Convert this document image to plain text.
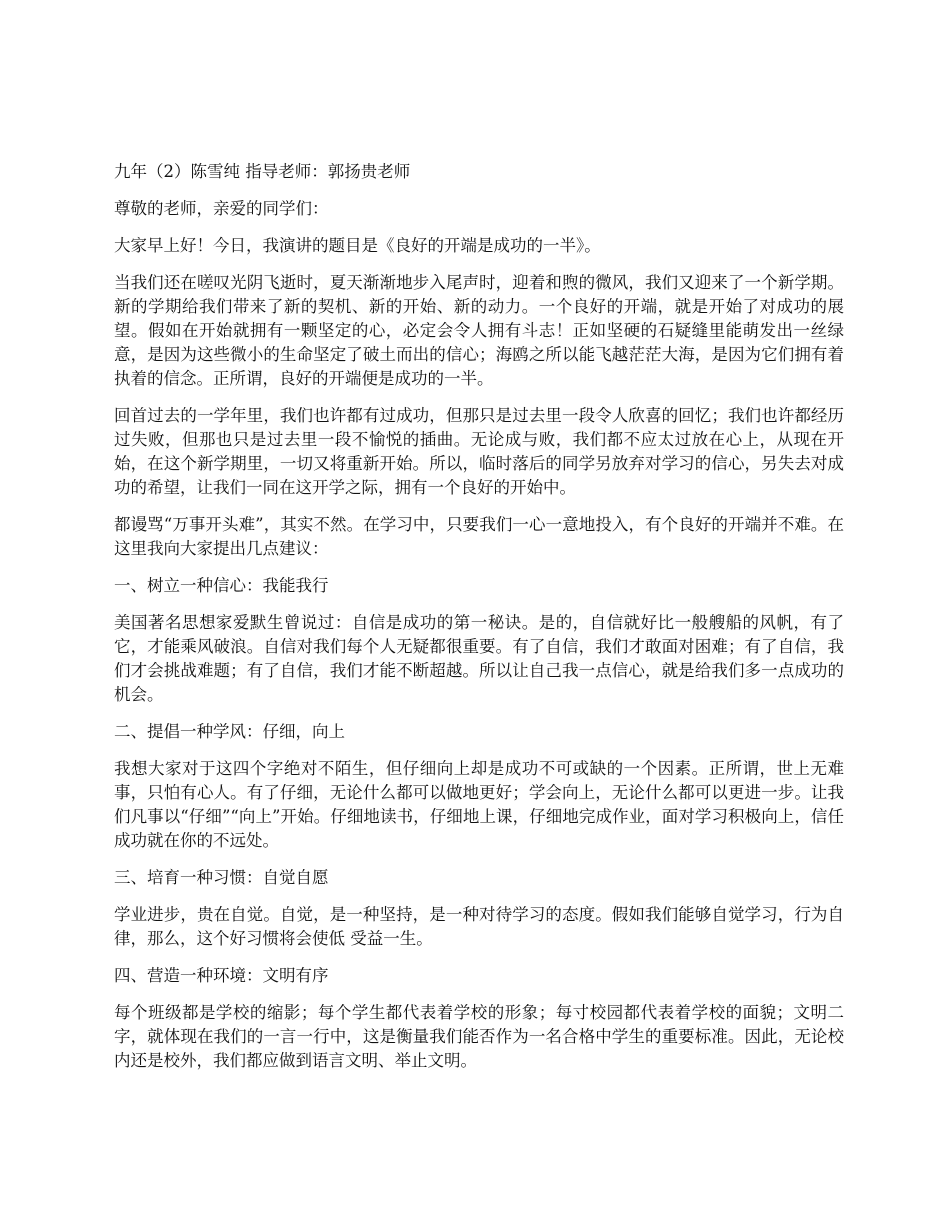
九年（2）陈雪纯 指导老师：郭扬贵老师

尊敬的老师，亲爱的同学们：

大家早上好！今日，我演讲的题目是《良好的开端是成功的一半》。

当我们还在嗟叹光阴飞逝时，夏天渐渐地步入尾声时，迎着和煦的微风，我们又迎来了一个新学期。新的学期给我们带来了新的契机、新的开始、新的动力。一个良好的开端，就是开始了对成功的展望。假如在开始就拥有一颗坚定的心，必定会令人拥有斗志！正如坚硬的石疑缝里能萌发出一丝绿意，是因为这些微小的生命坚定了破土而出的信心；海鸥之所以能飞越茫茫大海，是因为它们拥有着执着的信念。正所谓，良好的开端便是成功的一半。

回首过去的一学年里，我们也许都有过成功，但那只是过去里一段令人欣喜的回忆；我们也许都经历过失败，但那也只是过去里一段不愉悦的插曲。无论成与败，我们都不应太过放在心上，从现在开始，在这个新学期里，一切又将重新开始。所以，临时落后的同学另放弃对学习的信心，另失去对成功的希望，让我们一同在这开学之际，拥有一个良好的开始中。

都谩骂“万事开头难”，其实不然。在学习中，只要我们一心一意地投入，有个良好的开端并不难。在这里我向大家提出几点建议：

一、树立一种信心：我能我行

美国著名思想家爱默生曾说过：自信是成功的第一秘诀。是的，自信就好比一般艘船的风帆，有了它，才能乘风破浪。自信对我们每个人无疑都很重要。有了自信，我们才敢面对困难；有了自信，我们才会挑战难题；有了自信，我们才能不断超越。所以让自己我一点信心，就是给我们多一点成功的机会。

二、提倡一种学风：仔细，向上

我想大家对于这四个字绝对不陌生，但仔细向上却是成功不可或缺的一个因素。正所谓，世上无难事，只怕有心人。有了仔细，无论什么都可以做地更好；学会向上，无论什么都可以更进一步。让我们凡事以“仔细”“向上”开始。仔细地读书，仔细地上课，仔细地完成作业，面对学习积极向上，信任成功就在你的不远处。

三、培育一种习惯：自觉自愿

学业进步，贵在自觉。自觉，是一种坚持，是一种对待学习的态度。假如我们能够自觉学习，行为自律，那么，这个好习惯将会使低 受益一生。

四、营造一种环境：文明有序

每个班级都是学校的缩影；每个学生都代表着学校的形象；每寸校园都代表着学校的面貌；文明二字，就体现在我们的一言一行中，这是衡量我们能否作为一名合格中学生的重要标准。因此，无论校内还是校外，我们都应做到语言文明、举止文明。
